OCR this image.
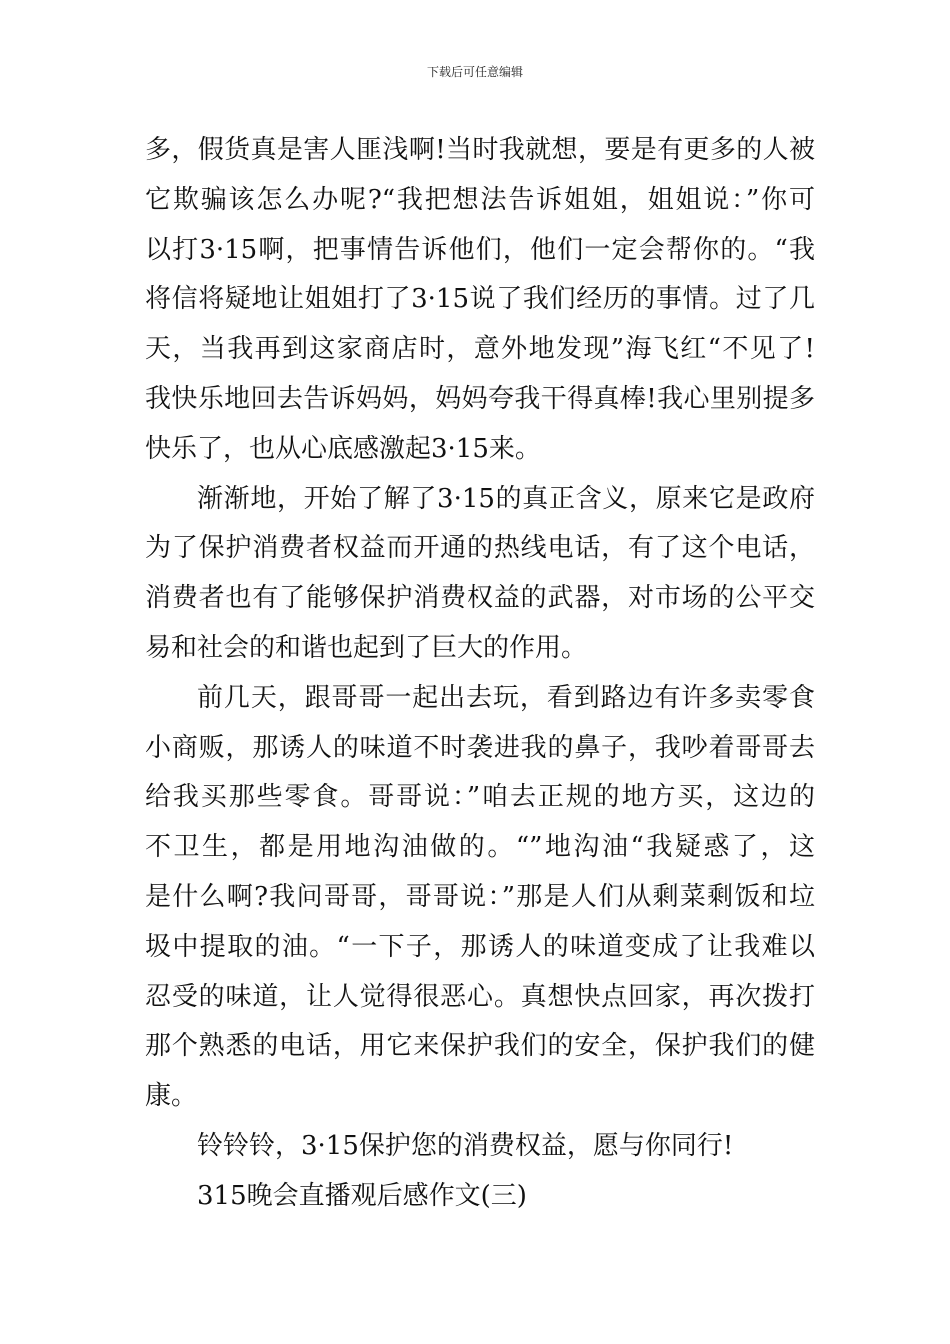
下载后可任意编辑
多，假货真是害人匪浅啊!当时我就想，要是有更多的人被
它欺骗该怎么办呢?“我把想法告诉姐姐，姐姐说：”你可
以打3·15啊，把事情告诉他们，他们一定会帮你的。“我
将信将疑地让姐姐打了3·15说了我们经历的事情。过了几
天，当我再到这家商店时，意外地发现”海飞红“不见了!
我快乐地回去告诉妈妈，妈妈夸我干得真棒!我心里别提多
快乐了，也从心底感激起3·15来。
渐渐地，开始了解了3·15的真正含义，原来它是政府
为了保护消费者权益而开通的热线电话，有了这个电话，
消费者也有了能够保护消费权益的武器，对市场的公平交
易和社会的和谐也起到了巨大的作用。
前几天，跟哥哥一起出去玩，看到路边有许多卖零食
小商贩，那诱人的味道不时袭进我的鼻子，我吵着哥哥去
给我买那些零食。哥哥说：”咱去正规的地方买，这边的
不卫生，都是用地沟油做的。“”地沟油“我疑惑了，这
是什么啊?我问哥哥，哥哥说：”那是人们从剩菜剩饭和垃
圾中提取的油。“一下子，那诱人的味道变成了让我难以
忍受的味道，让人觉得很恶心。真想快点回家，再次拨打
那个熟悉的电话，用它来保护我们的安全，保护我们的健
康。
铃铃铃，3·15保护您的消费权益，愿与你同行!
315晚会直播观后感作文(三)
